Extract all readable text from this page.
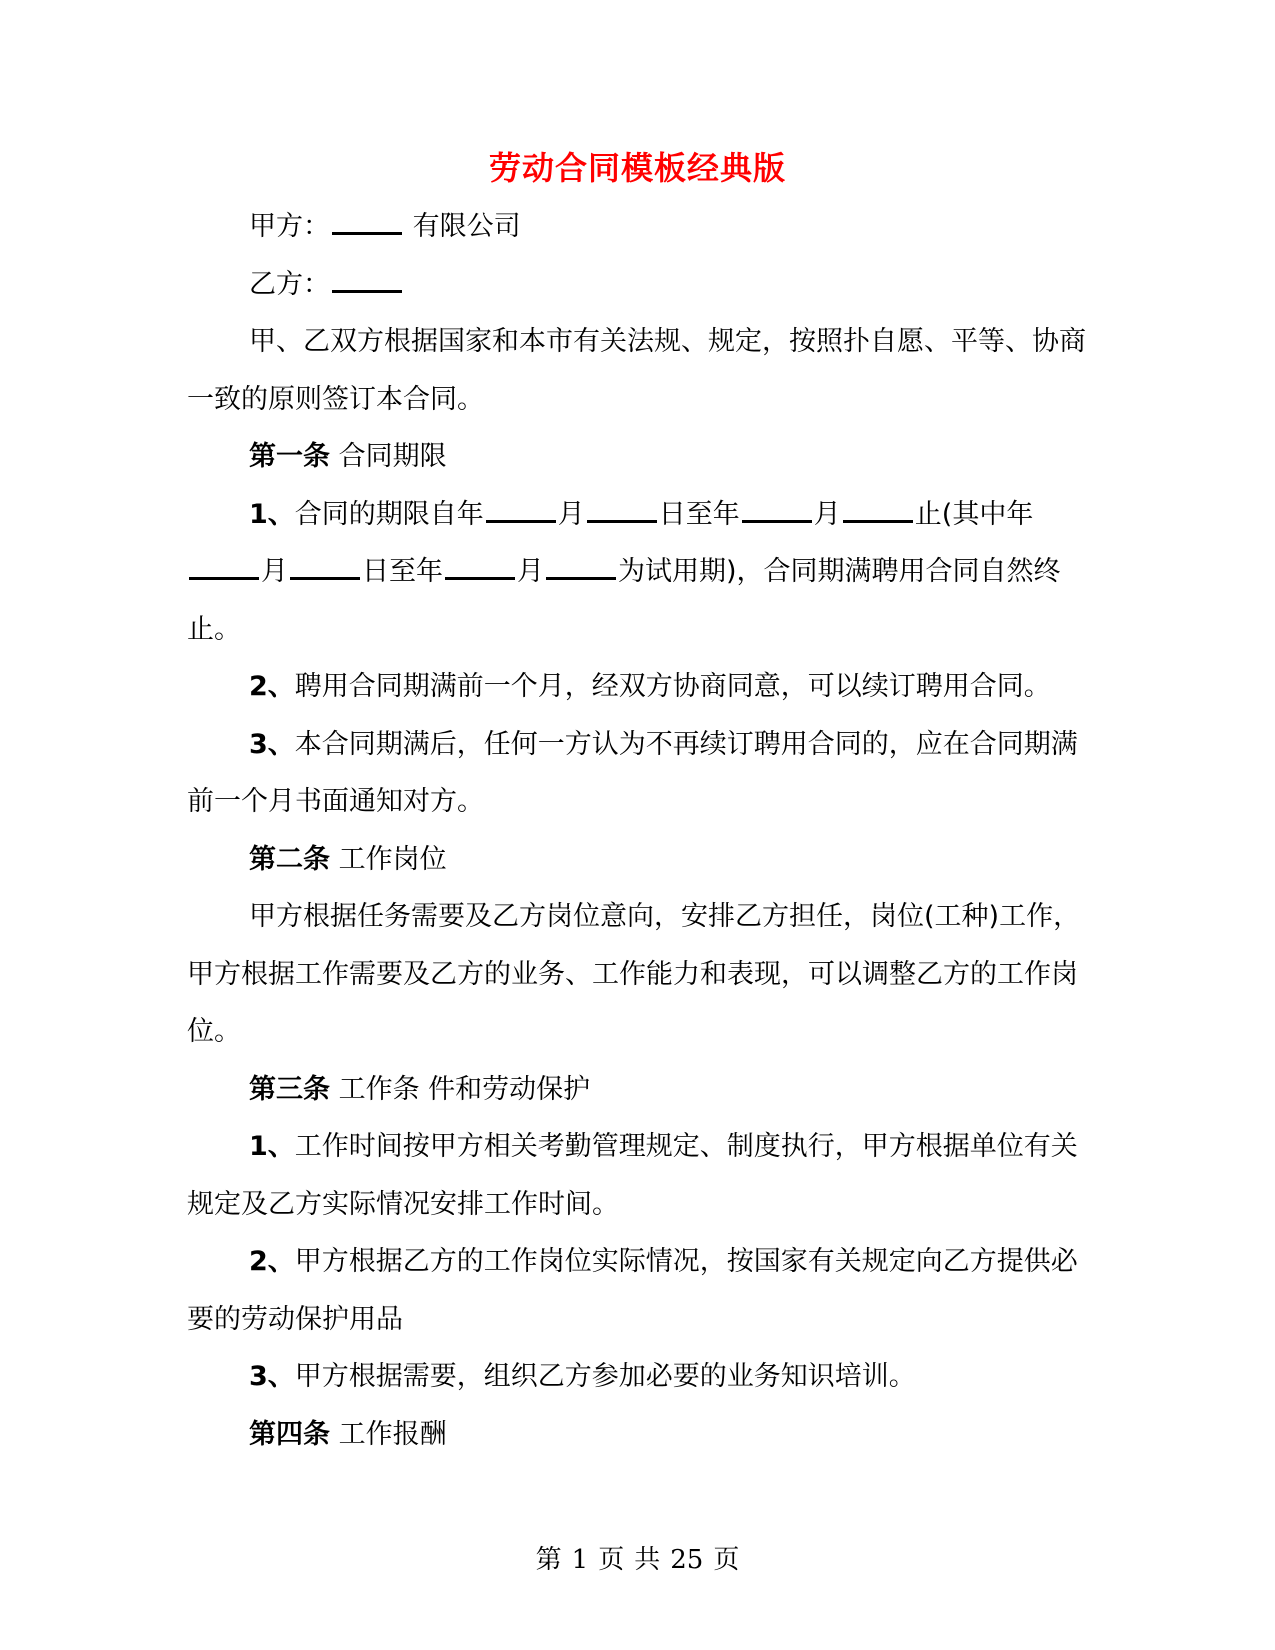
劳动合同模板经典版

甲方：	有限公司

乙方：

甲、乙双方根据国家和本市有关法规、规定，按照扑自愿、平等、协商一致的原则签订本合同。

第一条 合同期限

1、合同的期限自年	月	日至年	月	止(其中年月	日至年	月	为试用期)，合同期满聘用合同自然终止。

2、聘用合同期满前一个月，经双方协商同意，可以续订聘用合同。

3、本合同期满后，任何一方认为不再续订聘用合同的，应在合同期满前一个月书面通知对方。

第二条 工作岗位

甲方根据任务需要及乙方岗位意向，安排乙方担任，岗位(工种)工作，甲方根据工作需要及乙方的业务、工作能力和表现，可以调整乙方的工作岗位。

第三条 工作条 件和劳动保护

1、工作时间按甲方相关考勤管理规定、制度执行，甲方根据单位有关规定及乙方实际情况安排工作时间。

2、甲方根据乙方的工作岗位实际情况，按国家有关规定向乙方提供必要的劳动保护用品

3、甲方根据需要，组织乙方参加必要的业务知识培训。

第四条 工作报酬

第 1 页 共 25 页
